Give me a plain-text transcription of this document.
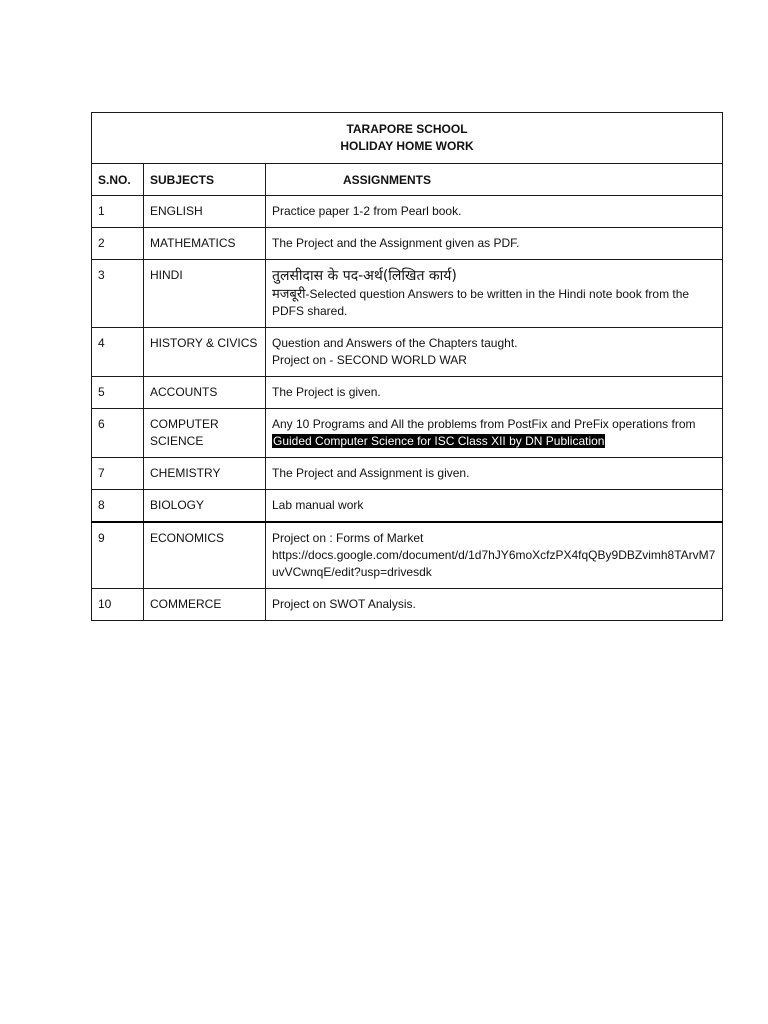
TARAPORE SCHOOL
HOLIDAY HOME WORK		

S.NO.	SUBJECTS	ASSIGNMENTS
1	ENGLISH	Practice paper 1-2 from Pearl book.
2	MATHEMATICS	The Project and the Assignment given as PDF.
3	HINDI	तुलसीदास के पद-अर्थ(लिखित कार्य)
मजबूरी-Selected question Answers to be written in the Hindi note book from the PDFS shared.

4	HISTORY & CIVICS	Question and Answers of the Chapters taught.
Project on - SECOND WORLD WAR

5	ACCOUNTS	The Project is given.
6	COMPUTER SCIENCE	Any 10 Programs and All the problems from PostFix and PreFix operations from Guided Computer Science for ISC Class XII by DN Publication
7	CHEMISTRY	The Project and Assignment is given.
8	BIOLOGY	Lab manual work
9	ECONOMICS	Project on : Forms of Market
https://docs.google.com/document/d/1d7hJY6moXcfzPX4fqQBy9DBZvimh8TArvM7uvVCwnqE/edit?usp=drivesdk

10	COMMERCE	Project on SWOT Analysis.
